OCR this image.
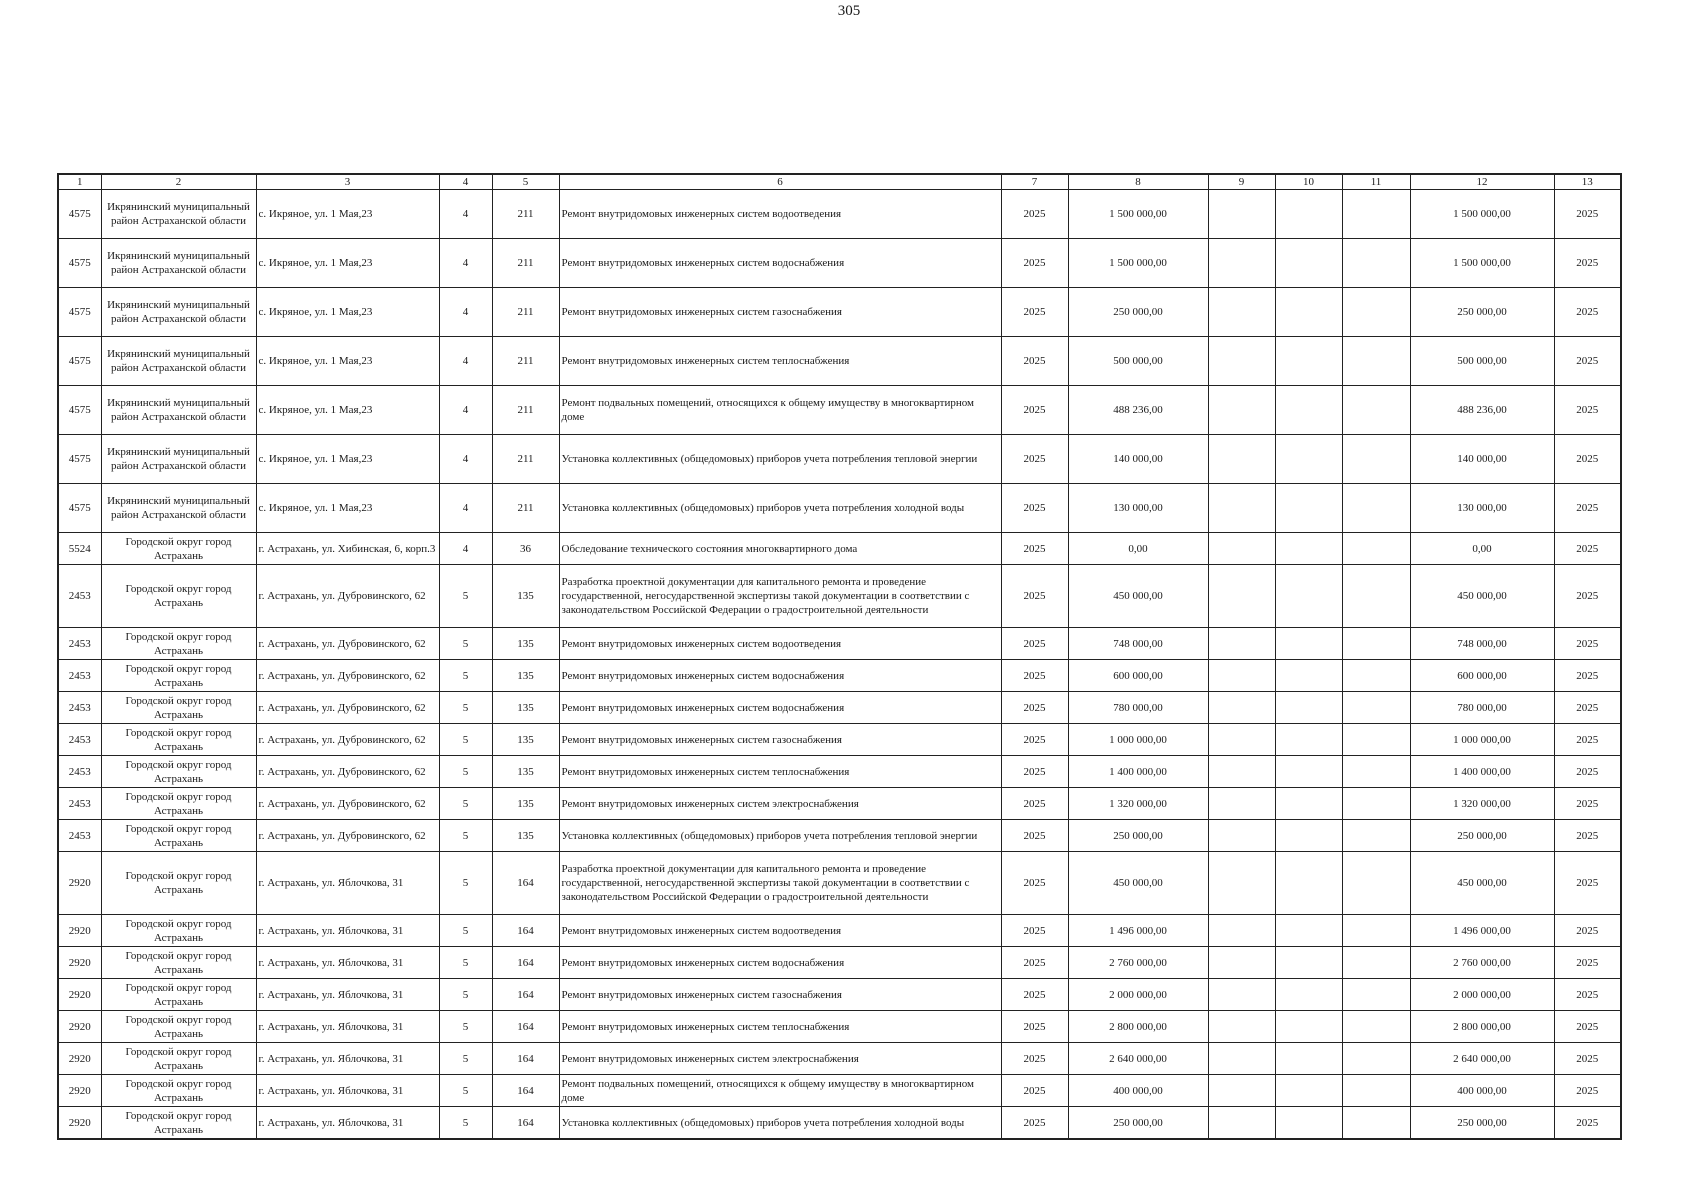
305
1	2	3	4	5	6	7	8	9	10	11	12	13
4575	Икрянинский муниципальный район Астраханской области	с. Икряное, ул. 1 Мая,23	4	211	Ремонт внутридомовых инженерных систем водоотведения	2025	1 500 000,00				1 500 000,00	2025
4575	Икрянинский муниципальный район Астраханской области	с. Икряное, ул. 1 Мая,23	4	211	Ремонт внутридомовых инженерных систем водоснабжения	2025	1 500 000,00				1 500 000,00	2025
4575	Икрянинский муниципальный район Астраханской области	с. Икряное, ул. 1 Мая,23	4	211	Ремонт внутридомовых инженерных систем газоснабжения	2025	250 000,00				250 000,00	2025
4575	Икрянинский муниципальный район Астраханской области	с. Икряное, ул. 1 Мая,23	4	211	Ремонт внутридомовых инженерных систем теплоснабжения	2025	500 000,00				500 000,00	2025
4575	Икрянинский муниципальный район Астраханской области	с. Икряное, ул. 1 Мая,23	4	211	Ремонт подвальных помещений, относящихся к общему имуществу в многоквартирном доме	2025	488 236,00				488 236,00	2025
4575	Икрянинский муниципальный район Астраханской области	с. Икряное, ул. 1 Мая,23	4	211	Установка коллективных (общедомовых) приборов учета потребления тепловой энергии	2025	140 000,00				140 000,00	2025
4575	Икрянинский муниципальный район Астраханской области	с. Икряное, ул. 1 Мая,23	4	211	Установка коллективных (общедомовых) приборов учета потребления холодной воды	2025	130 000,00				130 000,00	2025
5524	Городской округ город Астрахань	г. Астрахань, ул. Хибинская, 6, корп.3	4	36	Обследование технического состояния многоквартирного дома	2025	0,00				0,00	2025
2453	Городской округ город Астрахань	г. Астрахань, ул. Дубровинского, 62	5	135	Разработка проектной документации для капитального ремонта и проведение государственной, негосударственной экспертизы такой документации в соответствии с законодательством Российской Федерации о градостроительной деятельности	2025	450 000,00				450 000,00	2025
2453	Городской округ город Астрахань	г. Астрахань, ул. Дубровинского, 62	5	135	Ремонт внутридомовых инженерных систем водоотведения	2025	748 000,00				748 000,00	2025
2453	Городской округ город Астрахань	г. Астрахань, ул. Дубровинского, 62	5	135	Ремонт внутридомовых инженерных систем водоснабжения	2025	600 000,00				600 000,00	2025
2453	Городской округ город Астрахань	г. Астрахань, ул. Дубровинского, 62	5	135	Ремонт внутридомовых инженерных систем водоснабжения	2025	780 000,00				780 000,00	2025
2453	Городской округ город Астрахань	г. Астрахань, ул. Дубровинского, 62	5	135	Ремонт внутридомовых инженерных систем газоснабжения	2025	1 000 000,00				1 000 000,00	2025
2453	Городской округ город Астрахань	г. Астрахань, ул. Дубровинского, 62	5	135	Ремонт внутридомовых инженерных систем теплоснабжения	2025	1 400 000,00				1 400 000,00	2025
2453	Городской округ город Астрахань	г. Астрахань, ул. Дубровинского, 62	5	135	Ремонт внутридомовых инженерных систем электроснабжения	2025	1 320 000,00				1 320 000,00	2025
2453	Городской округ город Астрахань	г. Астрахань, ул. Дубровинского, 62	5	135	Установка коллективных (общедомовых) приборов учета потребления тепловой энергии	2025	250 000,00				250 000,00	2025
2920	Городской округ город Астрахань	г. Астрахань, ул. Яблочкова, 31	5	164	Разработка проектной документации для капитального ремонта и проведение государственной, негосударственной экспертизы такой документации в соответствии с законодательством Российской Федерации о градостроительной деятельности	2025	450 000,00				450 000,00	2025
2920	Городской округ город Астрахань	г. Астрахань, ул. Яблочкова, 31	5	164	Ремонт внутридомовых инженерных систем водоотведения	2025	1 496 000,00				1 496 000,00	2025
2920	Городской округ город Астрахань	г. Астрахань, ул. Яблочкова, 31	5	164	Ремонт внутридомовых инженерных систем водоснабжения	2025	2 760 000,00				2 760 000,00	2025
2920	Городской округ город Астрахань	г. Астрахань, ул. Яблочкова, 31	5	164	Ремонт внутридомовых инженерных систем газоснабжения	2025	2 000 000,00				2 000 000,00	2025
2920	Городской округ город Астрахань	г. Астрахань, ул. Яблочкова, 31	5	164	Ремонт внутридомовых инженерных систем теплоснабжения	2025	2 800 000,00				2 800 000,00	2025
2920	Городской округ город Астрахань	г. Астрахань, ул. Яблочкова, 31	5	164	Ремонт внутридомовых инженерных систем электроснабжения	2025	2 640 000,00				2 640 000,00	2025
2920	Городской округ город Астрахань	г. Астрахань, ул. Яблочкова, 31	5	164	Ремонт подвальных помещений, относящихся к общему имуществу в многоквартирном доме	2025	400 000,00				400 000,00	2025
2920	Городской округ город Астрахань	г. Астрахань, ул. Яблочкова, 31	5	164	Установка коллективных (общедомовых) приборов учета потребления холодной воды	2025	250 000,00				250 000,00	2025
